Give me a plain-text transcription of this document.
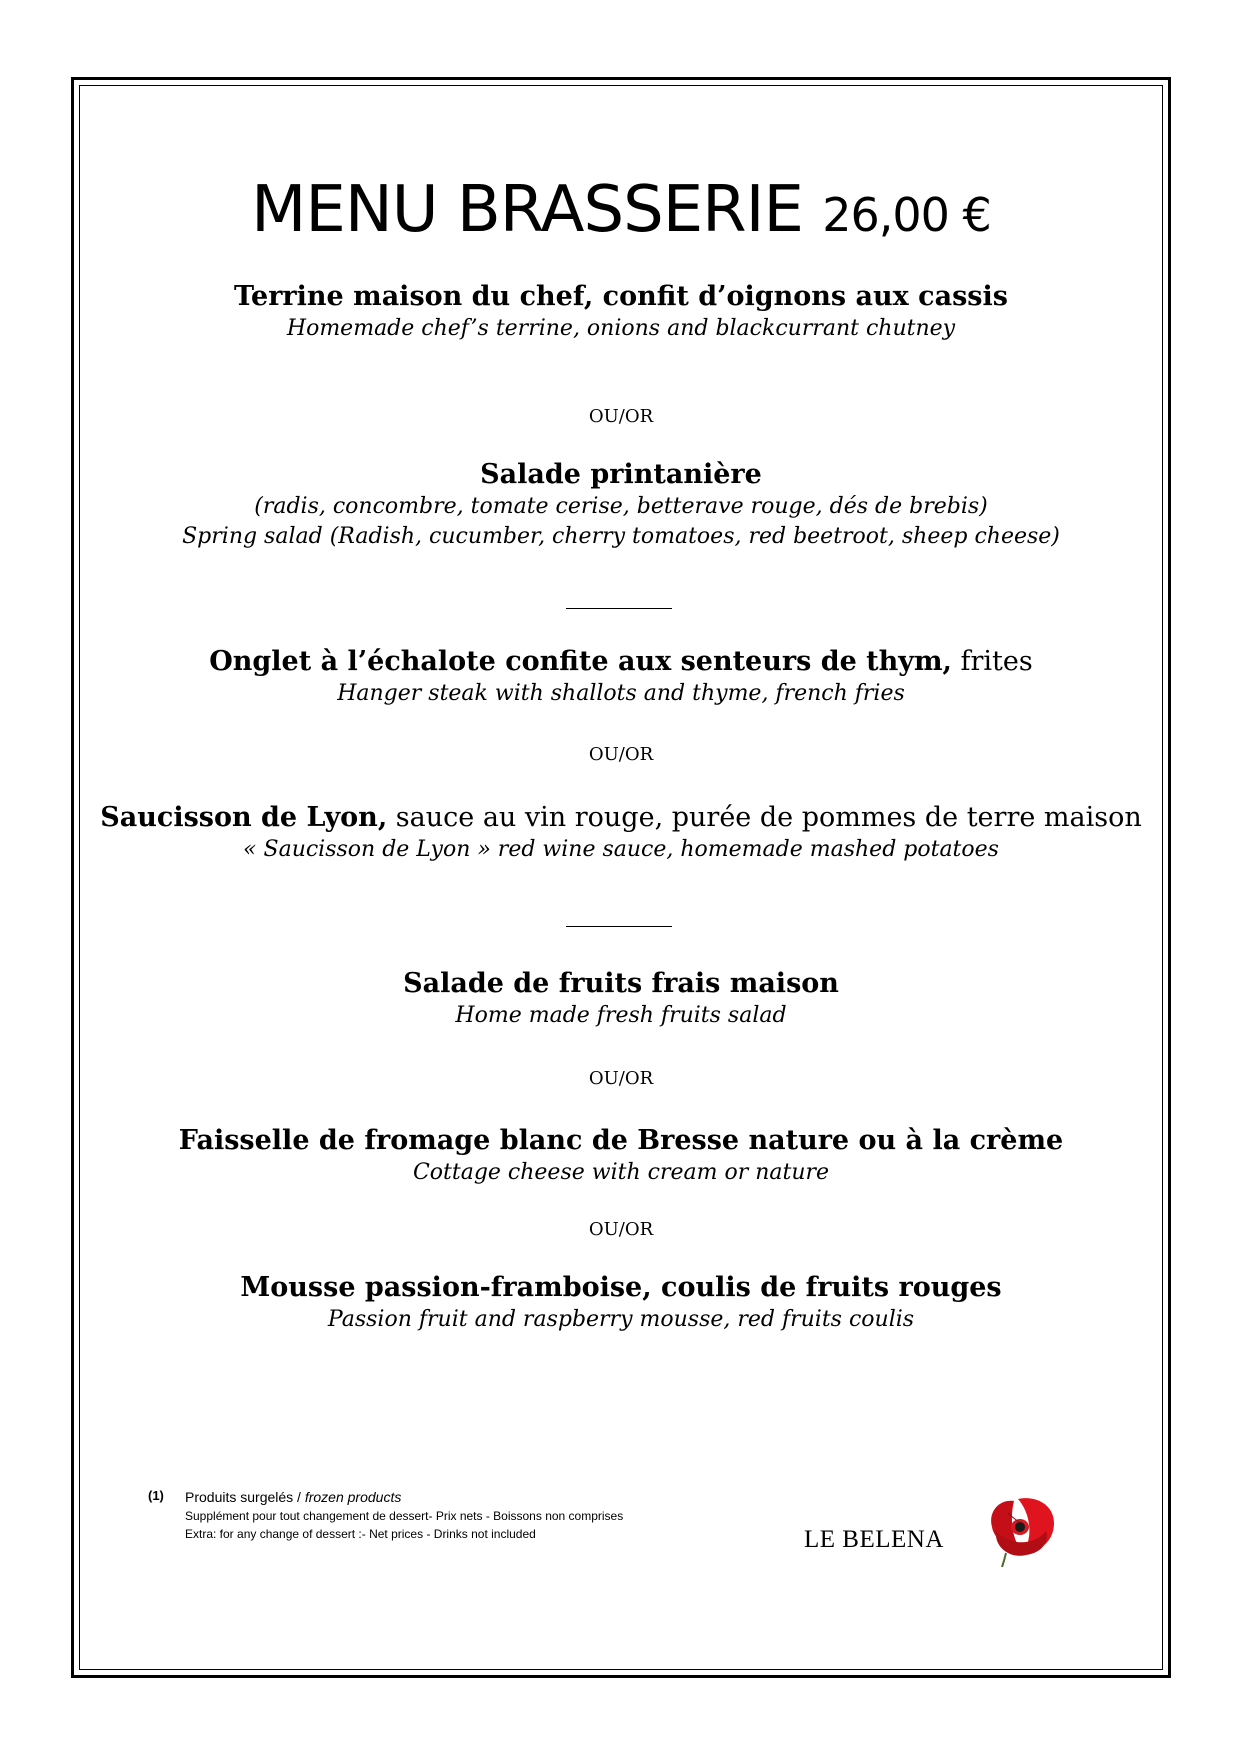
MENU BRASSERIE 26,00 €
Terrine maison du chef, confit d’oignons aux cassis
Homemade chef’s terrine, onions and blackcurrant chutney
OU/OR
Salade printanière
(radis, concombre, tomate cerise, betterave rouge, dés de brebis)
Spring salad (Radish, cucumber, cherry tomatoes, red beetroot, sheep cheese)
Onglet à l’échalote confite aux senteurs de thym, frites
Hanger steak with shallots and thyme, french fries
OU/OR
Saucisson de Lyon, sauce au vin rouge, purée de pommes de terre maison
« Saucisson de Lyon » red wine sauce, homemade mashed potatoes
Salade de fruits frais maison
Home made fresh fruits salad
OU/OR
Faisselle de fromage blanc de Bresse nature ou à la crème
Cottage cheese with cream or nature
OU/OR
Mousse passion-framboise, coulis de fruits rouges
Passion fruit and raspberry mousse, red fruits coulis
(1) Produits surgelés / frozen products
Supplément pour tout changement de dessert- Prix nets - Boissons non comprises
Extra: for any change of dessert :- Net prices - Drinks not included	LE BELENA
